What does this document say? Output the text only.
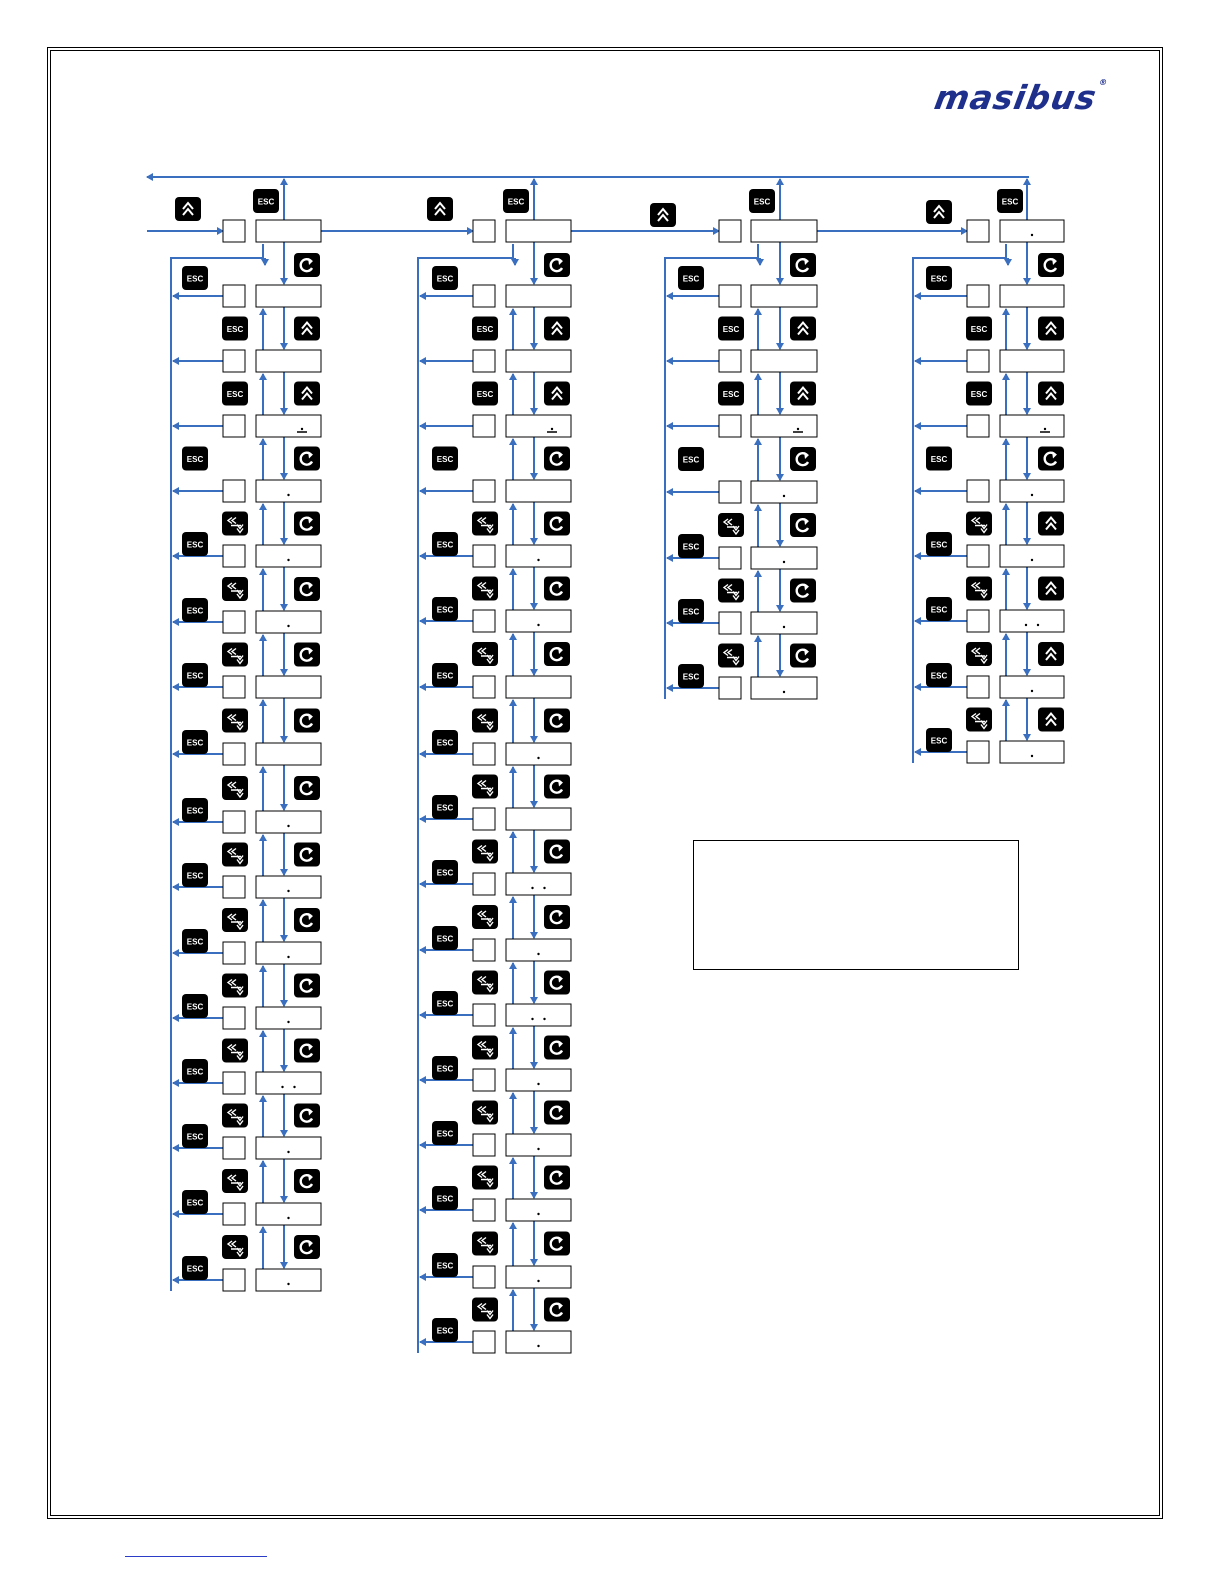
masibus®
ESC
ESC
ESC
ESC
ESC
ESC
ESC
ESC
ESC
ESC
ESC
ESC
ESC
ESC
ESC
ESC
ESC
ESC
ESC
ESC
ESC
ESC
ESC
ESC
ESC
ESC
ESC
ESC
ESC
ESC
ESC
ESC
ESC
ESC
ESC
ESC
ESC
ESC
ESC
ESC
ESC
ESC
ESC
ESC
ESC
ESC
ESC
ESC
ESC
ESC
ESC
ESC
